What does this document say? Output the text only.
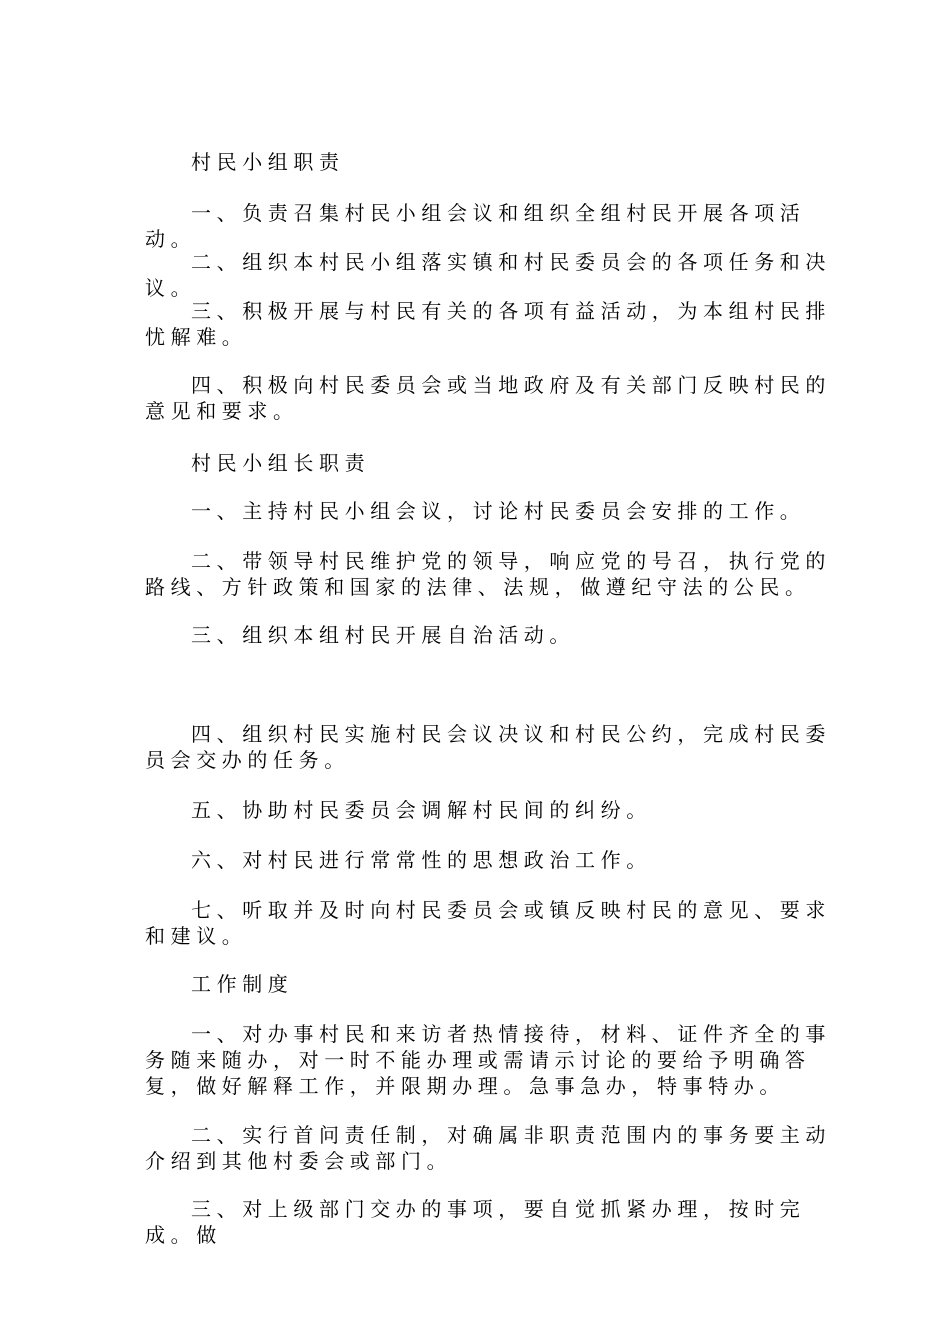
村民小组职责

一、负责召集村民小组会议和组织全组村民开展各项活动。

二、组织本村民小组落实镇和村民委员会的各项任务和决议。

三、积极开展与村民有关的各项有益活动，为本组村民排忧解难。

四、积极向村民委员会或当地政府及有关部门反映村民的意见和要求。

村民小组长职责

一、主持村民小组会议，讨论村民委员会安排的工作。

二、带领导村民维护党的领导，响应党的号召，执行党的路线、方针政策和国家的法律、法规，做遵纪守法的公民。

三、组织本组村民开展自治活动。

四、组织村民实施村民会议决议和村民公约，完成村民委员会交办的任务。

五、协助村民委员会调解村民间的纠纷。

六、对村民进行常常性的思想政治工作。

七、听取并及时向村民委员会或镇反映村民的意见、要求和建议。

工作制度

一、对办事村民和来访者热情接待，材料、证件齐全的事务随来随办，对一时不能办理或需请示讨论的要给予明确答复，做好解释工作，并限期办理。急事急办，特事特办。

二、实行首问责任制，对确属非职责范围内的事务要主动介绍到其他村委会或部门。

三、对上级部门交办的事项，要自觉抓紧办理，按时完成。做
